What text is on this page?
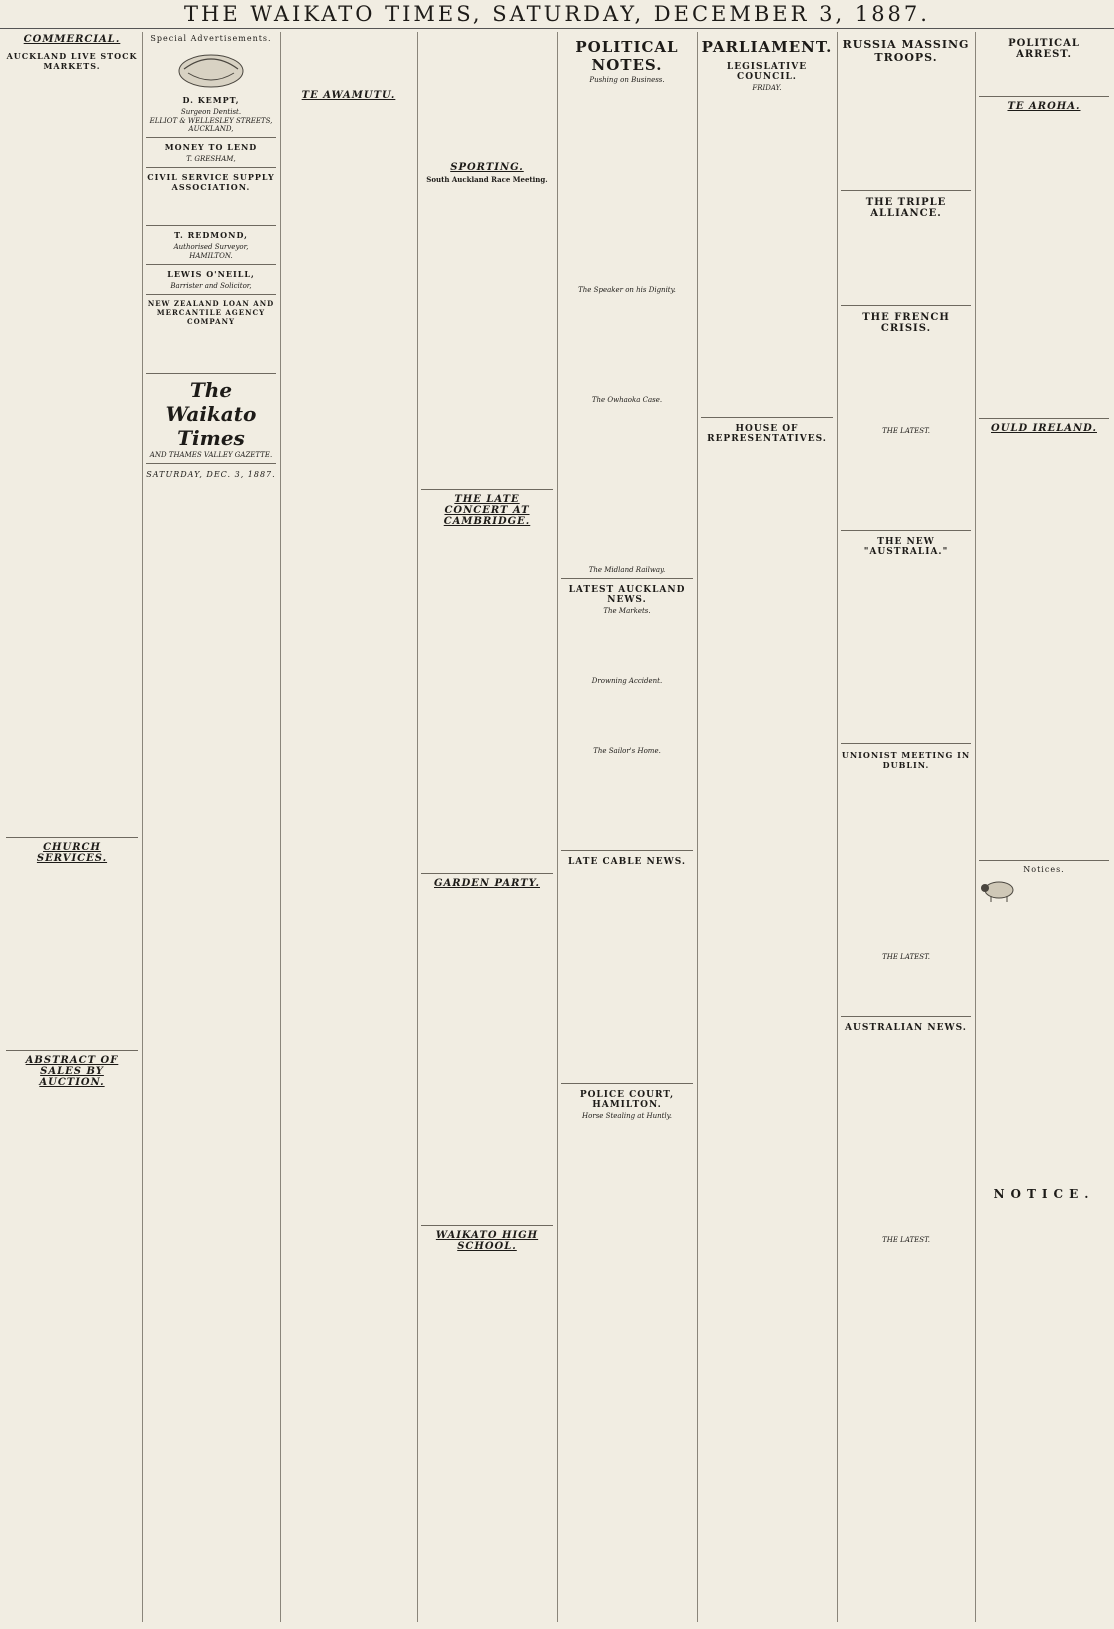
THE WAIKATO TIMES, SATURDAY, DECEMBER 3, 1887.
COMMERCIAL.
AUCKLAND LIVE STOCK MARKETS.

CHURCH SERVICES.
ABSTRACT OF SALES BY AUCTION.
Special Advertisements.
D. KEMPT,
Surgeon Dentist.
ELLIOT & WELLESLEY STREETS, AUCKLAND,
MONEY TO LEND
T. GRESHAM,
CIVIL SERVICE SUPPLY ASSOCIATION.
T. REDMOND,
Authorised Surveyor,
HAMILTON.
LEWIS O'NEILL,
Barrister and Solicitor,
NEW ZEALAND LOAN AND MERCANTILE AGENCY COMPANY
The Waikato Times
AND THAMES VALLEY GAZETTE.
SATURDAY, DEC. 3, 1887.
TE AWAMUTU.
SPORTING.
South Auckland Race Meeting.
THE LATE CONCERT AT CAMBRIDGE.
GARDEN PARTY.
WAIKATO HIGH SCHOOL.
POLITICAL NOTES.
Pushing on Business.
The Speaker on his Dignity.
The Owhaoka Case.
The Midland Railway.
LATEST AUCKLAND NEWS.
The Markets.
Drowning Accident.
The Sailor's Home.
LATE CABLE NEWS.
POLICE COURT, HAMILTON.
Horse Stealing at Huntly.
PARLIAMENT.
LEGISLATIVE COUNCIL.
FRIDAY.
HOUSE OF REPRESENTATIVES.
RUSSIA MASSING TROOPS.
THE TRIPLE ALLIANCE.
THE FRENCH CRISIS.
THE LATEST.
THE NEW "AUSTRALIA."
UNIONIST MEETING IN DUBLIN.
THE LATEST.
AUSTRALIAN NEWS.
THE LATEST.
POLITICAL ARREST.
TE AROHA.
OULD IRELAND.
Notices.
NOTICE.
